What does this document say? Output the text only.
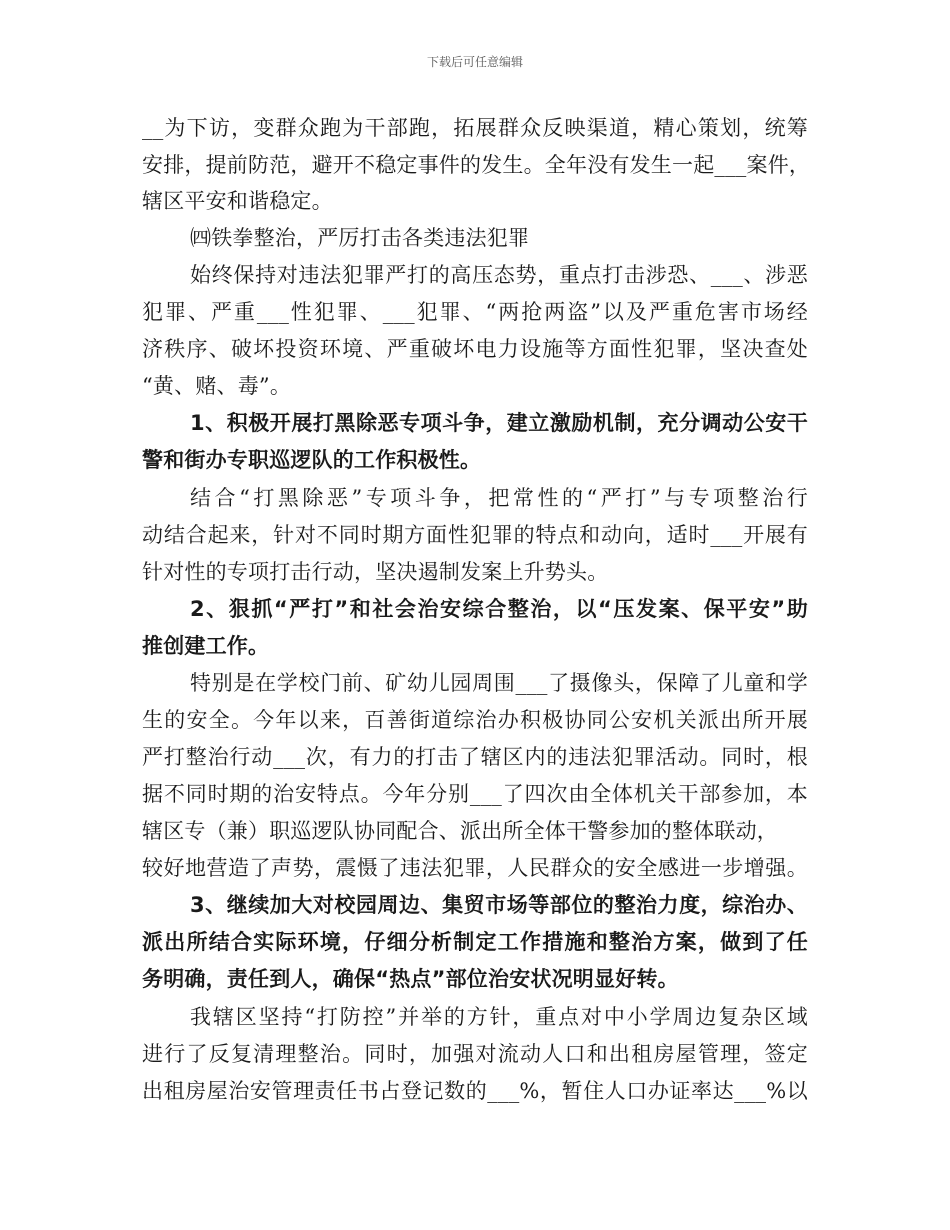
下载后可任意编辑
__为下访，变群众跑为干部跑，拓展群众反映渠道，精心策划，统筹
安排，提前防范，避开不稳定事件的发生。全年没有发生一起___案件，
辖区平安和谐稳定。
㈣铁拳整治，严厉打击各类违法犯罪
始终保持对违法犯罪严打的高压态势，重点打击涉恐、___、涉恶
犯罪、严重___性犯罪、___犯罪、“两抢两盗”以及严重危害市场经
济秩序、破坏投资环境、严重破坏电力设施等方面性犯罪，坚决查处
“黄、赌、毒”。
1、积极开展打黑除恶专项斗争，建立激励机制，充分调动公安干
警和街办专职巡逻队的工作积极性。
结合“打黑除恶”专项斗争，把常性的“严打”与专项整治行
动结合起来，针对不同时期方面性犯罪的特点和动向，适时___开展有
针对性的专项打击行动，坚决遏制发案上升势头。
2、狠抓“严打”和社会治安综合整治，以“压发案、保平安”助
推创建工作。
特别是在学校门前、矿幼儿园周围___了摄像头，保障了儿童和学
生的安全。今年以来，百善街道综治办积极协同公安机关派出所开展
严打整治行动___次，有力的打击了辖区内的违法犯罪活动。同时，根
据不同时期的治安特点。今年分别___了四次由全体机关干部参加，本
辖区专（兼）职巡逻队协同配合、派出所全体干警参加的整体联动，
较好地营造了声势，震慑了违法犯罪，人民群众的安全感进一步增强。
3、继续加大对校园周边、集贸市场等部位的整治力度，综治办、
派出所结合实际环境，仔细分析制定工作措施和整治方案，做到了任
务明确，责任到人，确保“热点”部位治安状况明显好转。
我辖区坚持“打防控”并举的方针，重点对中小学周边复杂区域
进行了反复清理整治。同时，加强对流动人口和出租房屋管理，签定
出租房屋治安管理责任书占登记数的___%，暂住人口办证率达___%以
